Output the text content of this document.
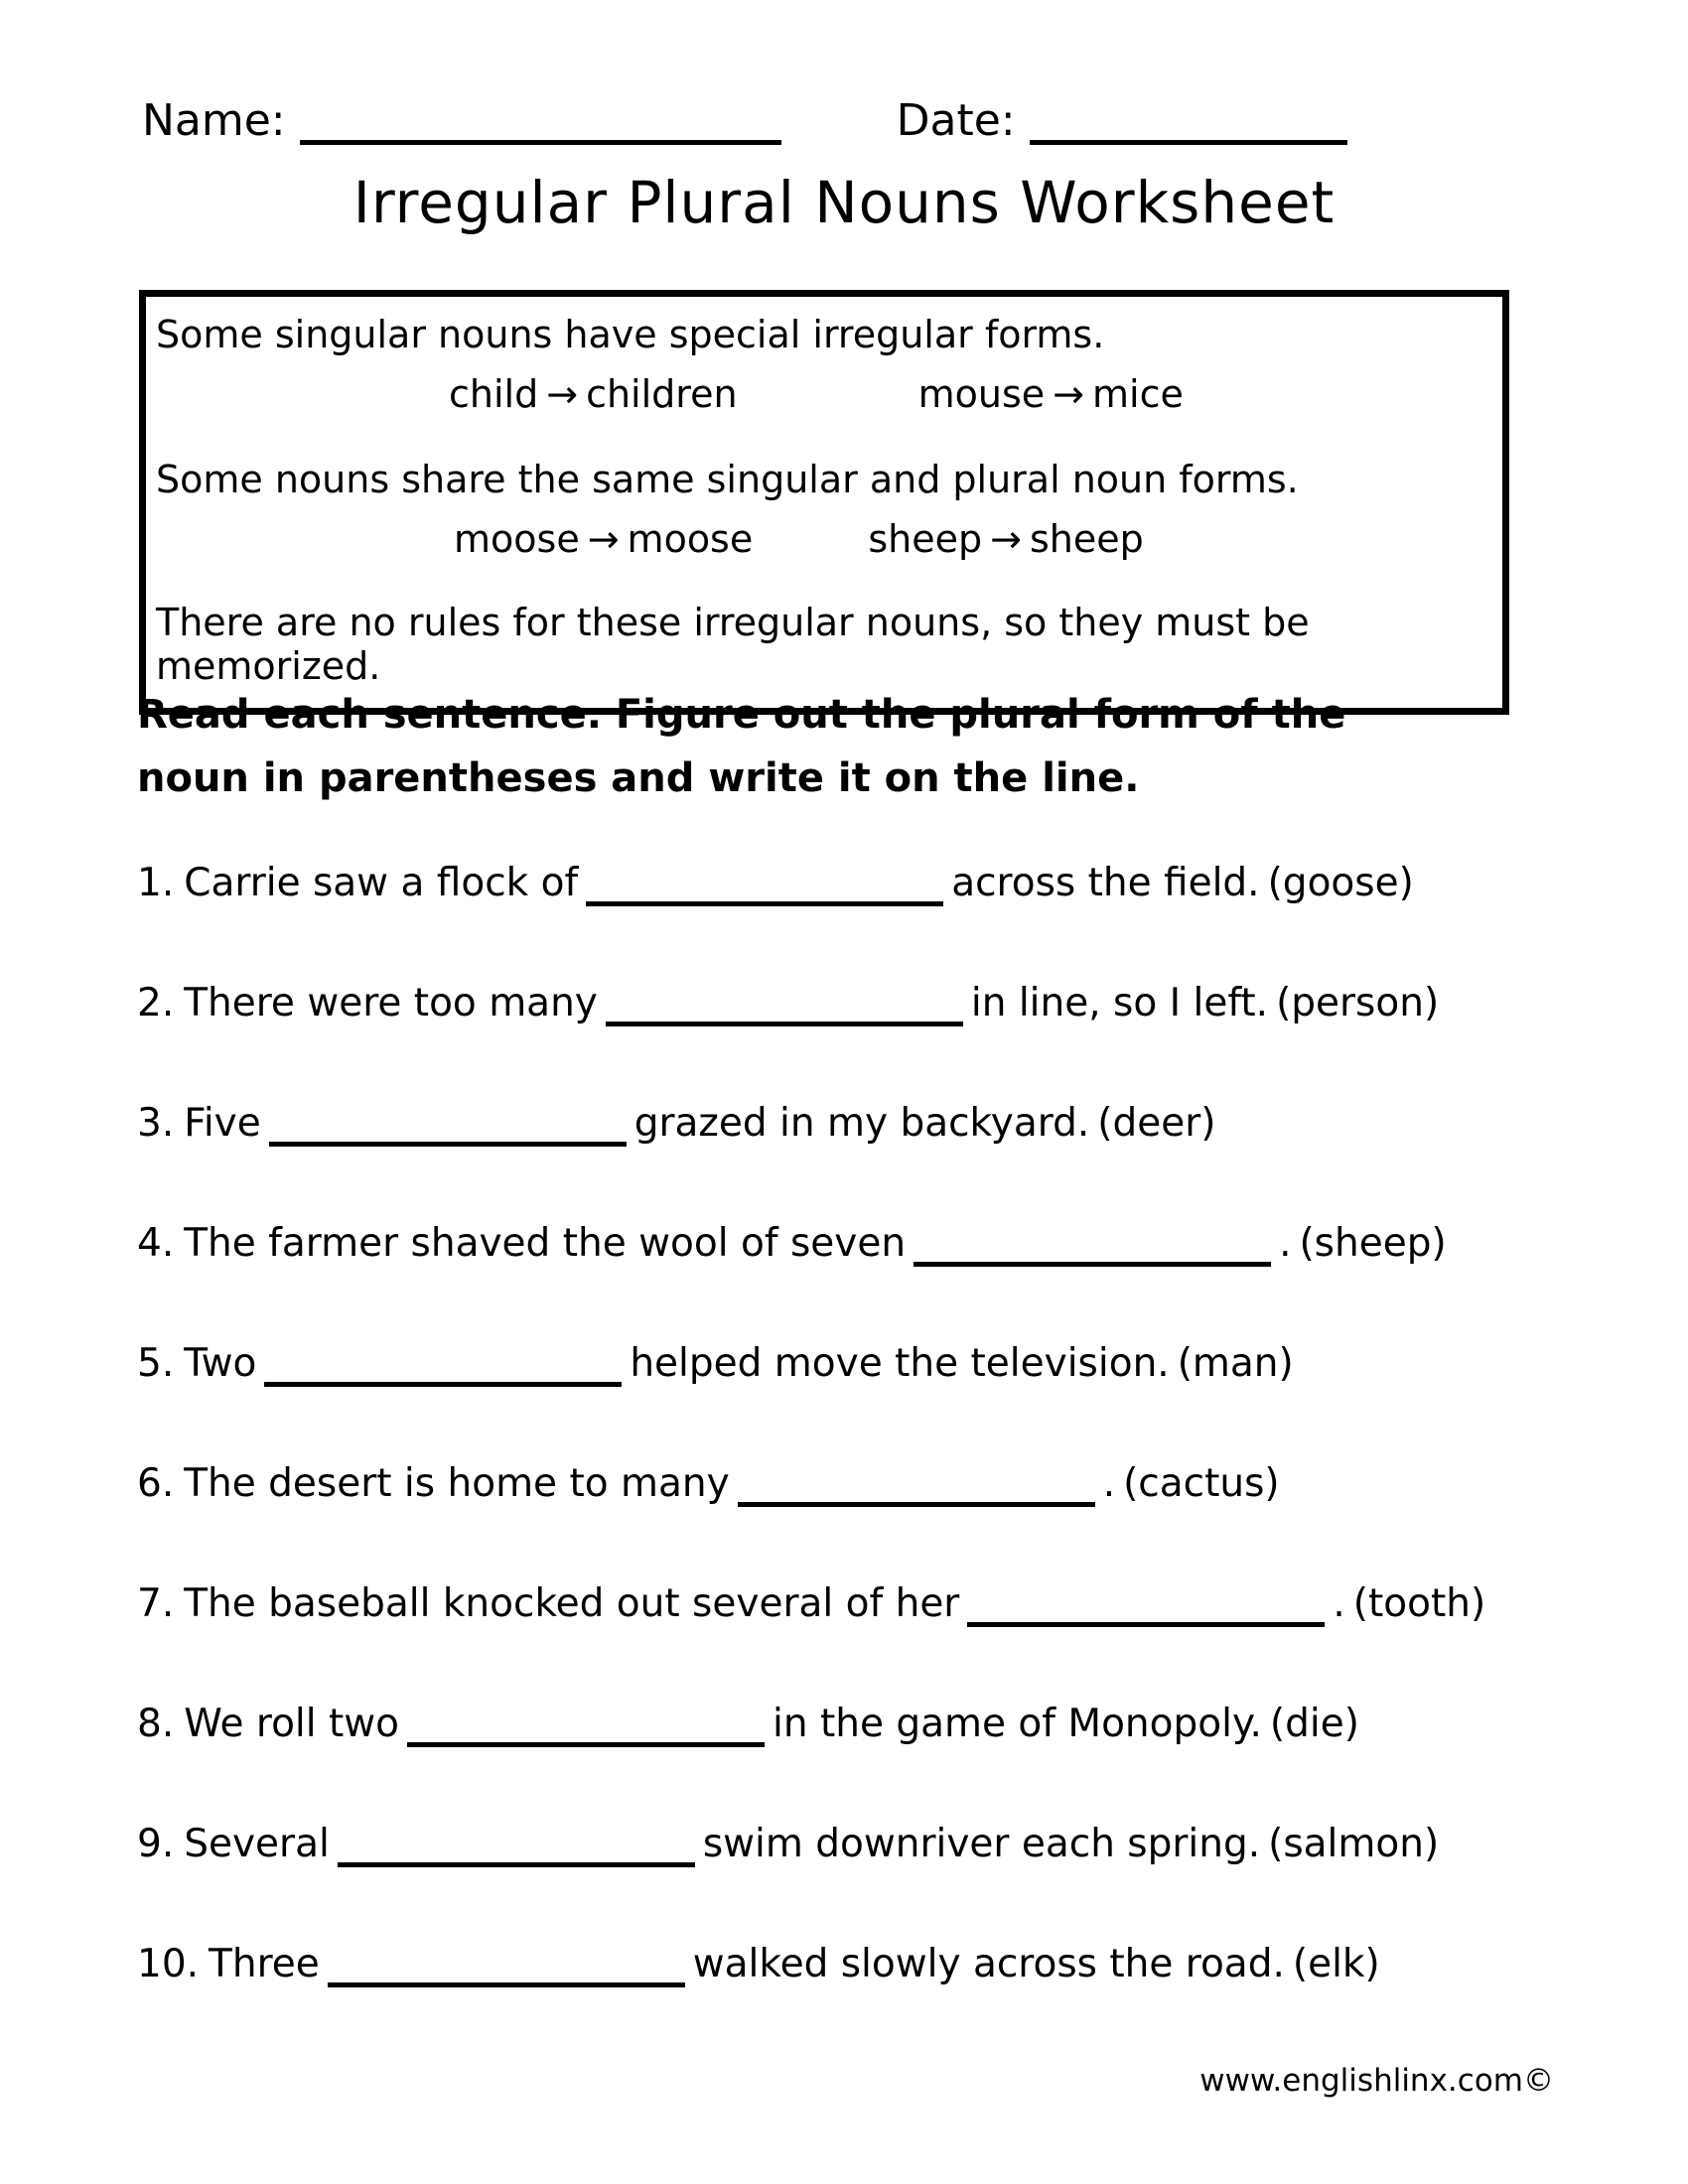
Name:	Date:
Irregular Plural Nouns Worksheet
Some singular nouns have special irregular forms.
child → children	mouse → mice
Some nouns share the same singular and plural noun forms.
moose → moose	sheep → sheep
There are no rules for these irregular nouns, so they must be memorized.
Read each sentence. Figure out the plural form of the noun in parentheses and write it on the line.
1. Carrie saw a flock of	across the field. (goose)
2. There were too many	in line, so I left. (person)
3. Five	grazed in my backyard. (deer)
4. The farmer shaved the wool of seven	. (sheep)
5. Two	helped move the television. (man)
6. The desert is home to many	. (cactus)
7. The baseball knocked out several of her	. (tooth)
8. We roll two	in the game of Monopoly. (die)
9. Several	swim downriver each spring. (salmon)
10. Three	walked slowly across the road. (elk)
www.englishlinx.com©
